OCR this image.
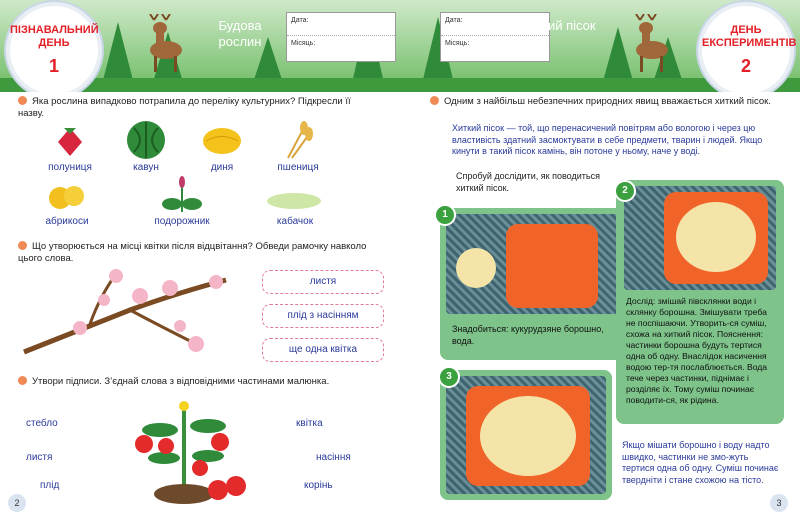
ПІЗНАВАЛЬНИЙ ДЕНЬ
1
Будова рослин
Дата:
Місяць:
Яка рослина випадково потрапила до переліку культурних? Підкресли її назву.
полуниця	кавун	диня	пшениця
абрикоси	подорожник	кабачок
Що утворюється на місці квітки після відцвітання? Обведи рамочку навколо цього слова.
листя
плід з насінням
ще одна квітка
Утвори підписи. З’єднай слова з відповідними частинами малюнка.
стебло
листя
плід
квітка
насіння
корінь
2
Дата:
Місяць:
Хиткий пісок	ДЕНЬ ЕКСПЕРИМЕНТІВ
2
Одним з найбільш небезпечних природних явищ вважається хиткий пісок.
Хиткий пісок — той, що перенасичений повітрям або вологою і через цю властивість здатний засмоктувати в себе предмети, тварин і людей. Якщо кинути в такий пісок камінь, він потоне у ньому, наче у воді.
Спробуй дослідити, як поводиться хиткий пісок.
1
Знадобиться: кукурудзяне борошно, вода.
2
Дослід: змішай півсклянки води і склянку борошна. Змішувати треба не поспішаючи. Утворить-ся суміш, схожа на хиткий пісок. Пояснення: частинки борошна будуть тертися одна об одну. Внаслідок насичення водою тер-тя послаблюється. Вода тече через частинки, піднімає і розділяє їх. Тому суміш починає поводити-ся, як рідина.
3
Якщо мішати борошно і воду надто швидко, частинки не змо-жуть тертися одна об одну. Суміш починає твердніти і стане схожою на тісто.
3
